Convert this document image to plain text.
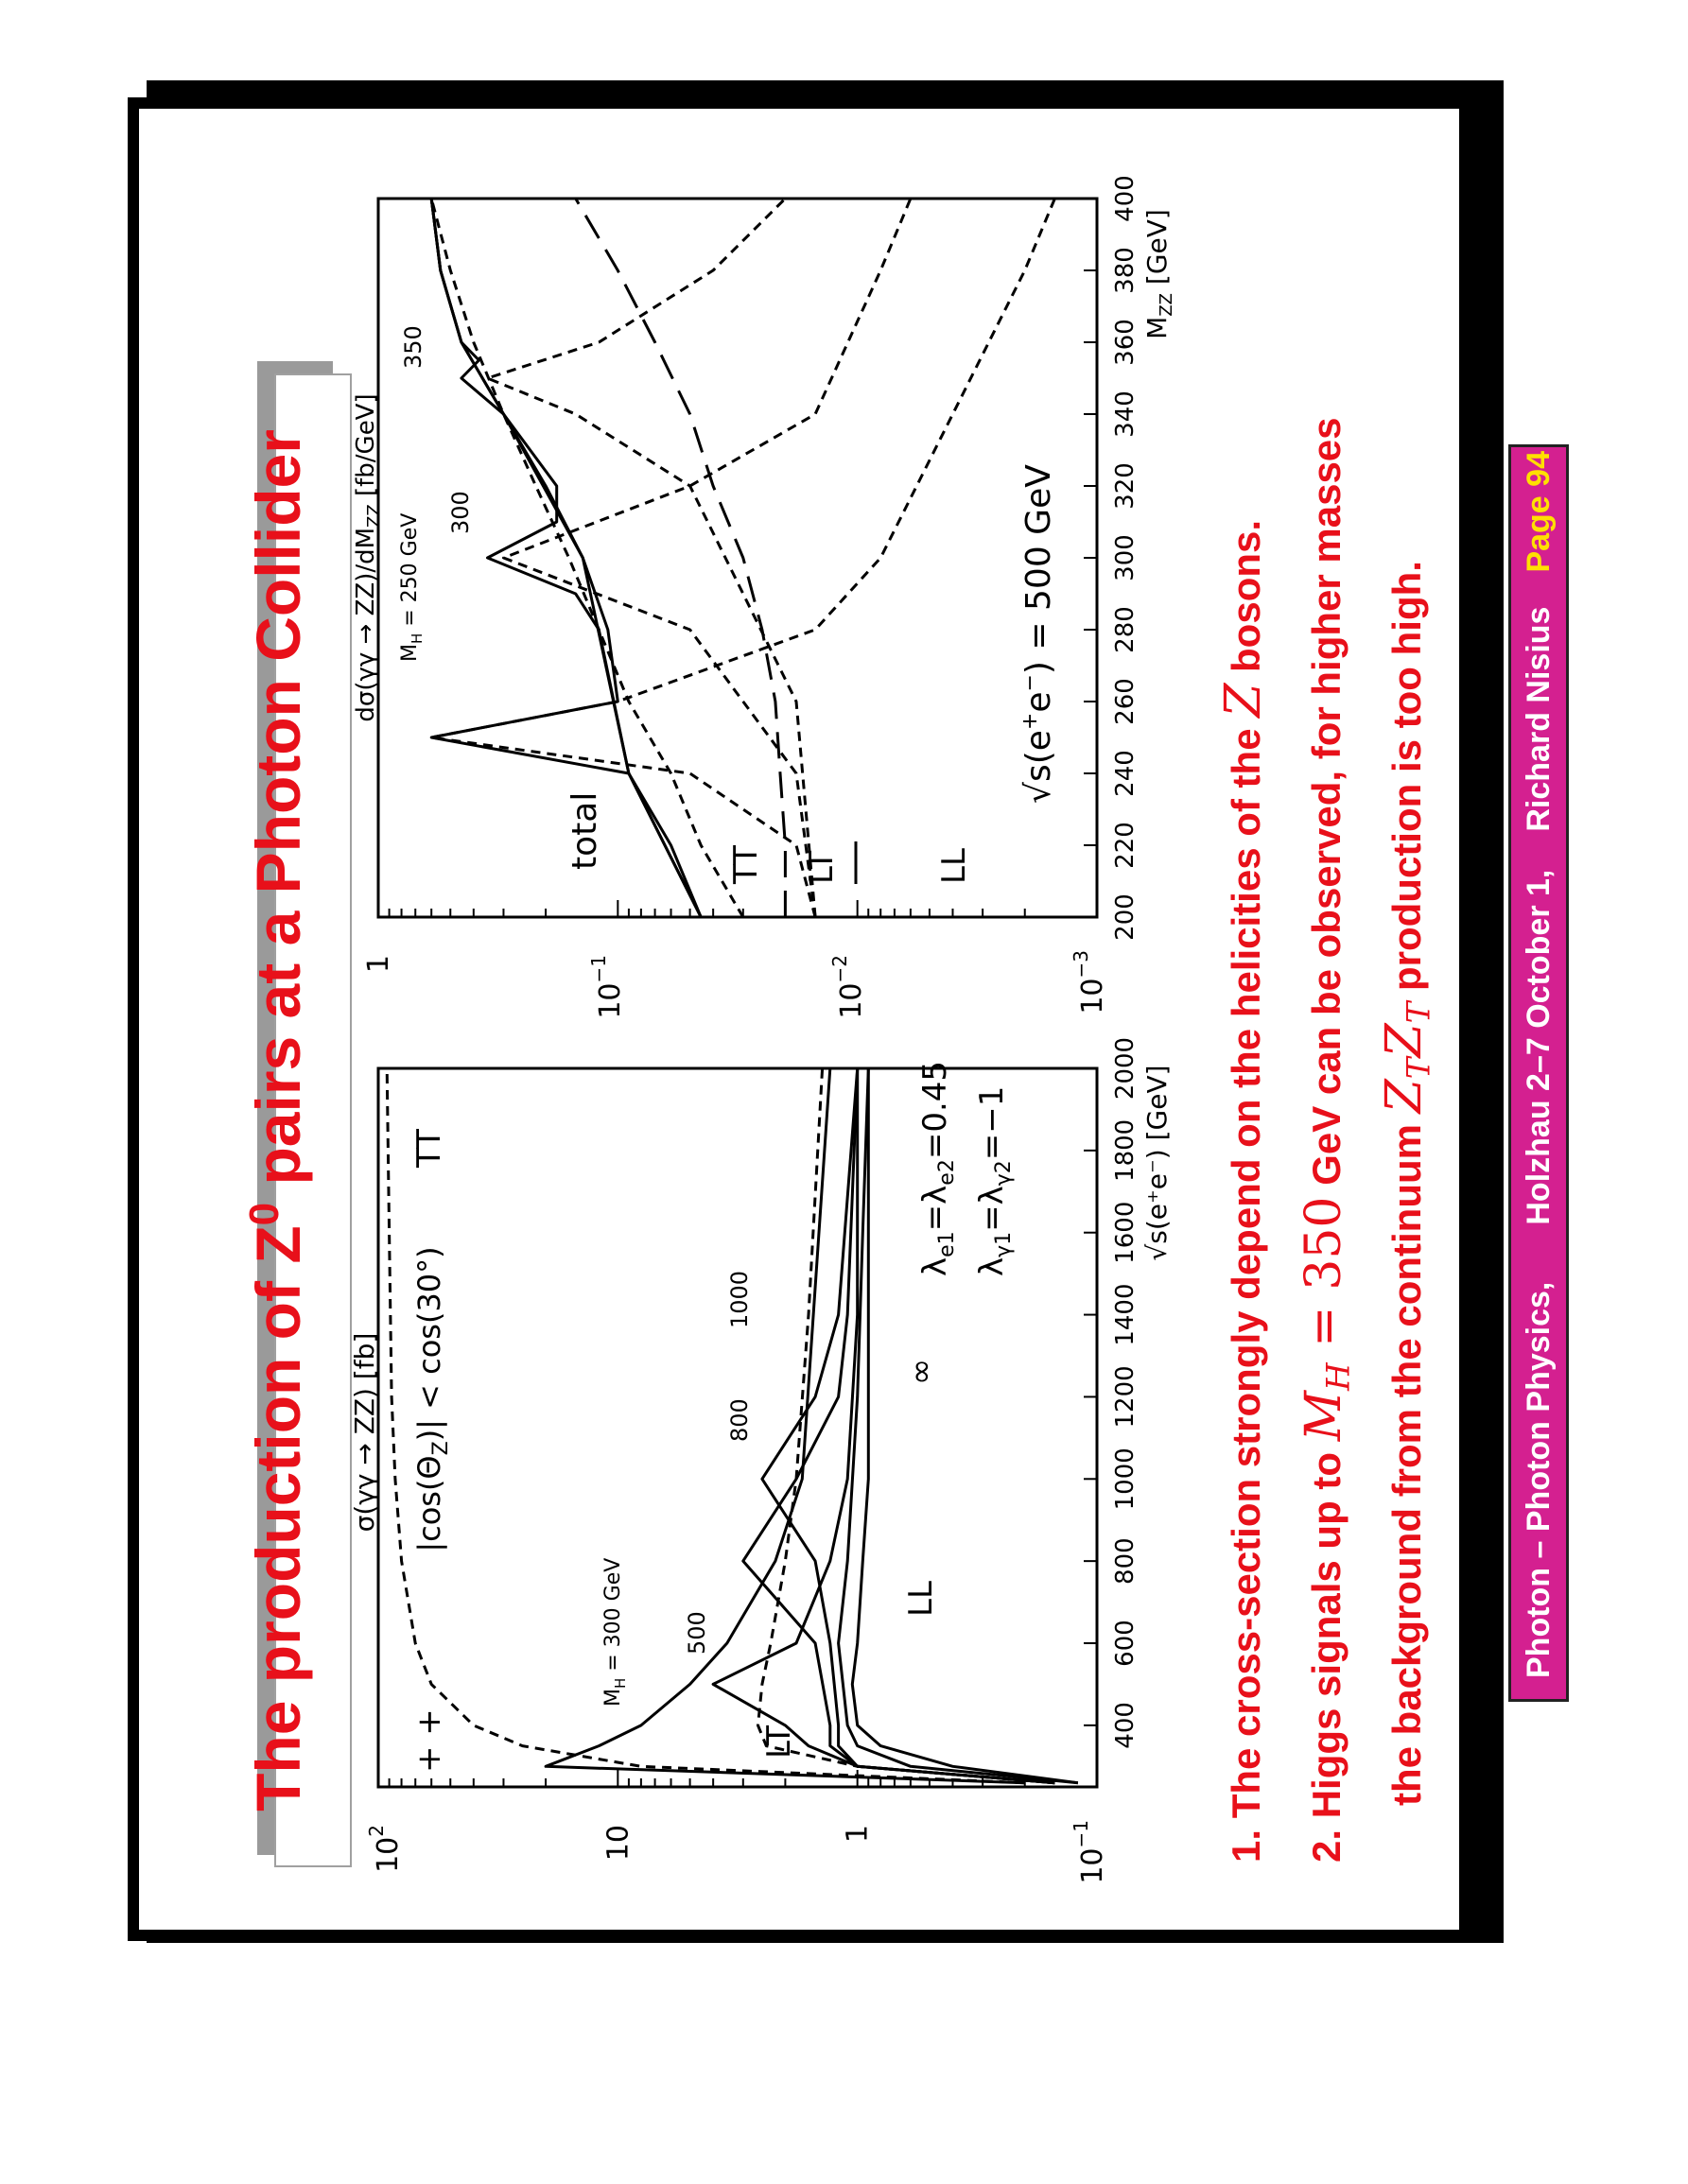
The production of $Z^0$ pairs at a Photon Collider
400
600
800
1000
1200
1400
1600
1800
2000
10	1
$10^2$
$10^{-1}$
σ(γγ → ZZ) [fb]
√s(e⁺e⁻) [GeV]
+ +
$|\cos(\Theta_Z)| < \cos(30^\circ)$
TT
$M_H = 300$ GeV	500
800
1000
∞
LT
LL
$\lambda_{e1}=\lambda_{e2}=0.45$
$\lambda_{\gamma 1}=\lambda_{\gamma 2}=-1$
200
220
240
260
280
300
320
340
360
380
400
1
$10^{-1}$
$10^{-2}$
$10^{-3}$
$d\sigma(\gamma\gamma \to ZZ)/dM_{ZZ}$ [fb/GeV]
$M_{ZZ}$ [GeV]
$M_H = 250$ GeV
300
350
total	TT LT	LL
√s(e+e−) = 500 GeV
1. The cross-section strongly depend on the helicities of the Z bosons.
2. Higgs signals up to $M_H = 350$ GeV can be observed, for higher masses
the background from the continuum $Z_TZ_T$ production is too high.
Photon – Photon Physics,
Holzhau 2–7 October 1,
Richard Nisius
Page 94
